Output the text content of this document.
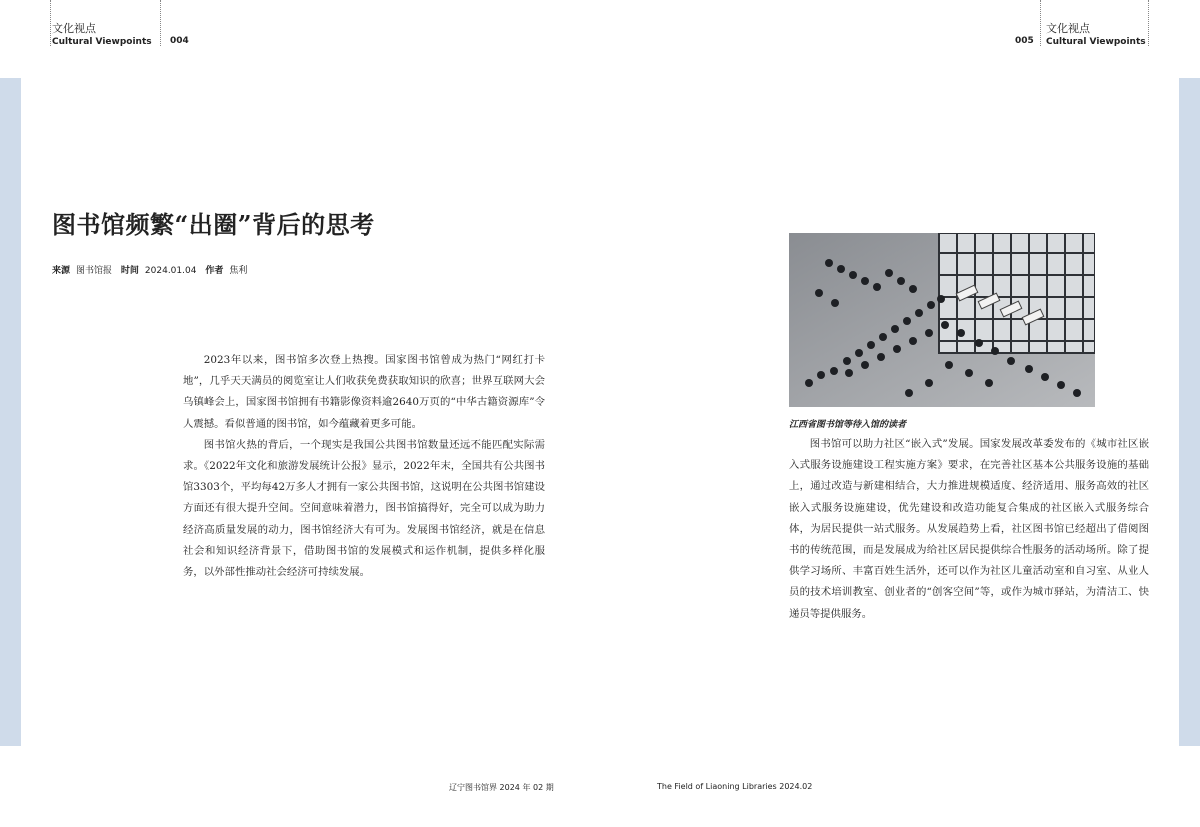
文化视点
Cultural Viewpoints 004
文化视点
Cultural Viewpoints
005
图书馆频繁“出圈”背后的思考
来源 图书馆报 时间 2024.01.04 作者 焦利

2023年以来，图书馆多次登上热搜。国家图书馆曾成为热门“网红打卡地”，几乎天天满员的阅览室让人们收获免费获取知识的欣喜；世界互联网大会乌镇峰会上，国家图书馆拥有书籍影像资料逾2640万页的“中华古籍资源库”令人震撼。看似普通的图书馆，如今蕴藏着更多可能。

图书馆火热的背后，一个现实是我国公共图书馆数量还远不能匹配实际需求。《2022年文化和旅游发展统计公报》显示，2022年末，全国共有公共图书馆3303个，平均每42万多人才拥有一家公共图书馆，这说明在公共图书馆建设方面还有很大提升空间。空间意味着潜力，图书馆搞得好，完全可以成为助力经济高质量发展的动力，图书馆经济大有可为。发展图书馆经济，就是在信息社会和知识经济背景下，借助图书馆的发展模式和运作机制，提供多样化服务，以外部性推动社会经济可持续发展。

江西省图书馆等待入馆的读者

图书馆可以助力社区“嵌入式”发展。国家发展改革委发布的《城市社区嵌入式服务设施建设工程实施方案》要求，在完善社区基本公共服务设施的基础上，通过改造与新建相结合，大力推进规模适度、经济适用、服务高效的社区嵌入式服务设施建设，优先建设和改造功能复合集成的社区嵌入式服务综合体，为居民提供一站式服务。从发展趋势上看，社区图书馆已经超出了借阅图书的传统范围，而是发展成为给社区居民提供综合性服务的活动场所。除了提供学习场所、丰富百姓生活外，还可以作为社区儿童活动室和自习室、从业人员的技术培训教室、创业者的“创客空间”等，或作为城市驿站，为清洁工、快递员等提供服务。

辽宁图书馆界 2024 年 02 期	The Field of Liaoning Libraries 2024.02
